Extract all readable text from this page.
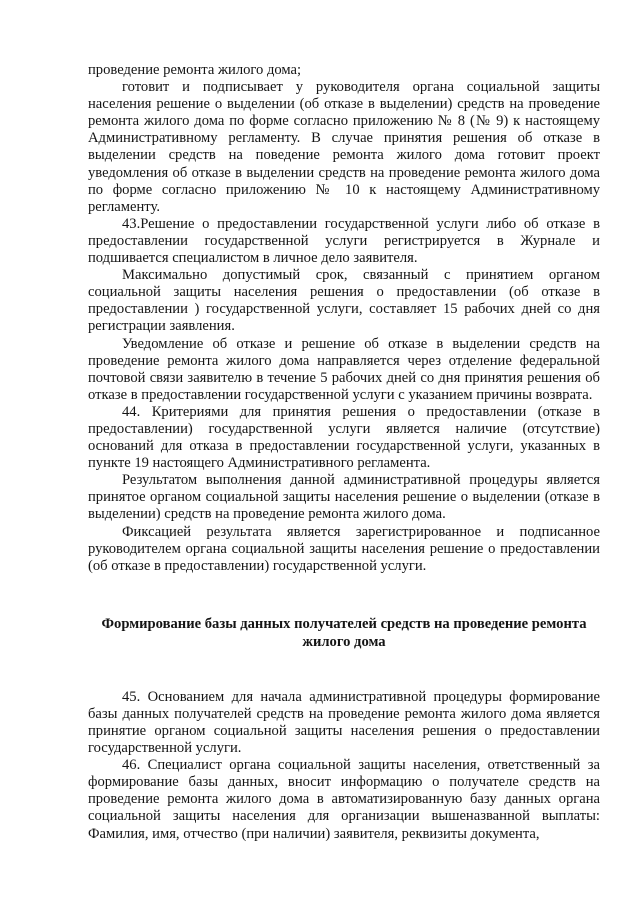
проведение ремонта жилого дома;

готовит и подписывает у руководителя органа социальной защиты населения решение о выделении (об отказе в выделении) средств на проведение ремонта жилого дома по форме согласно приложению № 8 (№ 9) к настоящему Административному регламенту. В случае принятия решения об отказе в выделении средств на поведение ремонта жилого дома готовит проект уведомления об отказе в выделении средств на проведение ремонта жилого дома по форме согласно приложению № 10 к настоящему Административному регламенту.

43.Решение о предоставлении государственной услуги либо об отказе в предоставлении государственной услуги регистрируется в Журнале и подшивается специалистом в личное дело заявителя.

Максимально допустимый срок, связанный с принятием органом социальной защиты населения решения о предоставлении (об отказе в предоставлении ) государственной услуги, составляет 15 рабочих дней со дня регистрации заявления.

Уведомление об отказе и решение об отказе в выделении средств на проведение ремонта жилого дома направляется через отделение федеральной почтовой связи заявителю в течение 5 рабочих дней со дня принятия решения об отказе в предоставлении государственной услуги с указанием причины возврата.

44. Критериями для принятия решения о предоставлении (отказе в предоставлении) государственной услуги является наличие (отсутствие) оснований для отказа в предоставлении государственной услуги, указанных в пункте 19 настоящего Административного регламента.

Результатом выполнения данной административной процедуры является принятое органом социальной защиты населения решение о выделении (отказе в выделении) средств на проведение ремонта жилого дома.

Фиксацией результата является зарегистрированное и подписанное руководителем органа социальной защиты населения решение о предоставлении (об отказе в предоставлении) государственной услуги.

Формирование базы данных получателей средств на проведение ремонта жилого дома

45. Основанием для начала административной процедуры формирование базы данных получателей средств на проведение ремонта жилого дома является принятие органом социальной защиты населения решения о предоставлении государственной услуги.

46. Специалист органа социальной защиты населения, ответственный за формирование базы данных, вносит информацию о получателе средств на проведение ремонта жилого дома в автоматизированную базу данных органа социальной защиты населения для организации вышеназванной выплаты: Фамилия, имя, отчество (при наличии) заявителя, реквизиты документа,
